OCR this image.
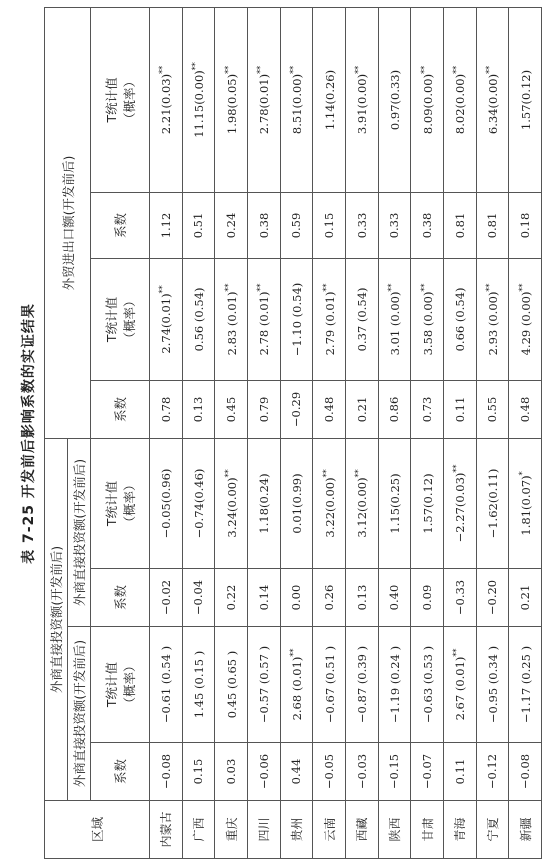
表 7-25 开发前后影响系数的实证结果
区域	外商直接投资额(开发前后)				外贸进出口额(开发前后)			
	外商直接投资额(开发前后)		外商直接投资额(开发前后)					
	系数	T统计值 （概率）	系数	T统计值 （概率）	系数	T统计值 （概率）	系数	T统计值 （概率）

内蒙古	−0.08	−0.61 (0.54 )	−0.02	−0.05(0.96)	0.78	2.74(0.01)**	1.12	2.21(0.03)**
广西	0.15	1.45 (0.15 )	−0.04	−0.74(0.46)	0.13	0.56 (0.54)	0.51	11.15(0.00)**
重庆	0.03	0.45 (0.65 )	0.22	3.24(0.00)**	0.45	2.83 (0.01)**	0.24	1.98(0.05)**
四川	−0.06	−0.57 (0.57 )	0.14	1.18(0.24)	0.79	2.78 (0.01)**	0.38	2.78(0.01)**
贵州	0.44	2.68 (0.01)**	0.00	0.01(0.99)	−0.29	−1.10 (0.54)	0.59	8.51(0.00)**
云南	−0.05	−0.67 (0.51 )	0.26	3.22(0.00)**	0.48	2.79 (0.01)**	0.15	1.14(0.26)
西藏	−0.03	−0.87 (0.39 )	0.13	3.12(0.00)**	0.21	0.37 (0.54)	0.33	3.91(0.00)**
陕西	−0.15	−1.19 (0.24 )	0.40	1.15(0.25)	0.86	3.01 (0.00)**	0.33	0.97(0.33)
甘肃	−0.07	−0.63 (0.53 )	0.09	1.57(0.12)	0.73	3.58 (0.00)**	0.38	8.09(0.00)**
青海	0.11	2.67 (0.01)**	−0.33	−2.27(0.03)**	0.11	0.66 (0.54)	0.81	8.02(0.00)**
宁夏	−0.12	−0.95 (0.34 )	−0.20	−1.62(0.11)	0.55	2.93 (0.00)**	0.81	6.34(0.00)**
新疆	−0.08	−1.17 (0.25 )	0.21	1.81(0.07)*	0.48	4.29 (0.00)**	0.18	1.57(0.12)
